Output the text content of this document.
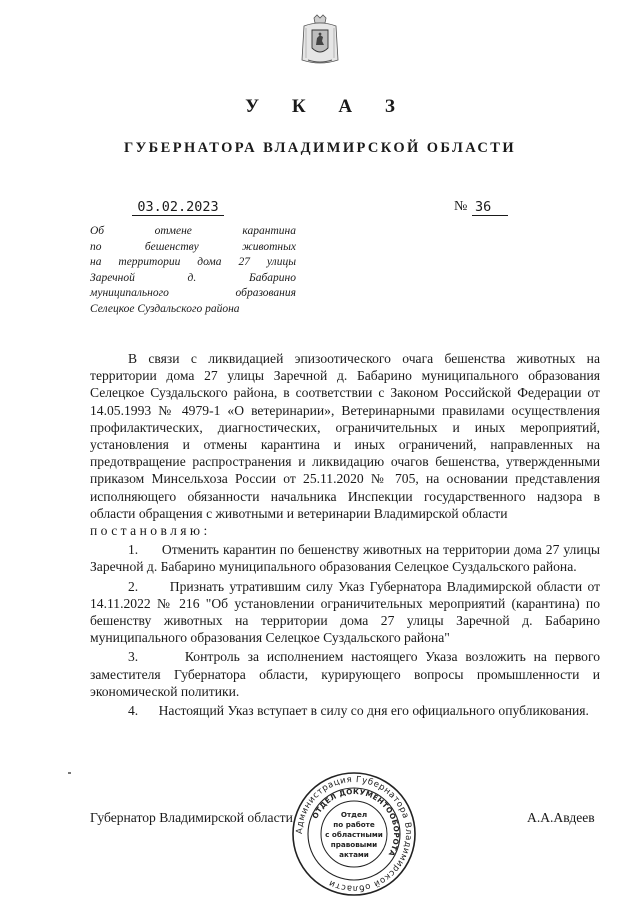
У К А З
ГУБЕРНАТОРА ВЛАДИМИРСКОЙ ОБЛАСТИ
03.02.2023	№ 36
Об отмене карантина
по бешенству животных
на территории дома 27 улицы
Заречной д. Бабарино
муниципального образования
Селецкое Суздальского района
В связи с ликвидацией эпизоотического очага бешенства животных на территории дома 27 улицы Заречной д. Бабарино муниципального образования Селецкое Суздальского района, в соответствии с Законом Российской Федерации от 14.05.1993 № 4979-1 «О ветеринарии», Ветеринарными правилами осуществления профилактических, диагностических, ограничительных и иных мероприятий, установления и отмены карантина и иных ограничений, направленных на предотвращение распространения и ликвидацию очагов бешенства, утвержденными приказом Минсельхоза России от 25.11.2020 № 705, на основании представления исполняющего обязанности начальника Инспекции государственного надзора в области обращения с животными и ветеринарии Владимирской области
постановляю:
1. Отменить карантин по бешенству животных на территории дома 27 улицы Заречной д. Бабарино муниципального образования Селецкое Суздальского района.
2. Признать утратившим силу Указ Губернатора Владимирской области от 14.11.2022 № 216 "Об установлении ограничительных мероприятий (карантина) по бешенству животных на территории дома 27 улицы Заречной д. Бабарино муниципального образования Селецкое Суздальского района"
3.	Контроль за исполнением настоящего Указа возложить на первого заместителя Губернатора области, курирующего вопросы промышленности и экономической политики.
4. Настоящий Указ вступает в силу со дня его официального опубликования.
Губернатор Владимирской области	А.А.Авдеев
Администрация Губернатора Владимирской области
ОТДЕЛ ДОКУМЕНТООБОРОТА
Отдел
по работе
с областными
правовыми
актами
